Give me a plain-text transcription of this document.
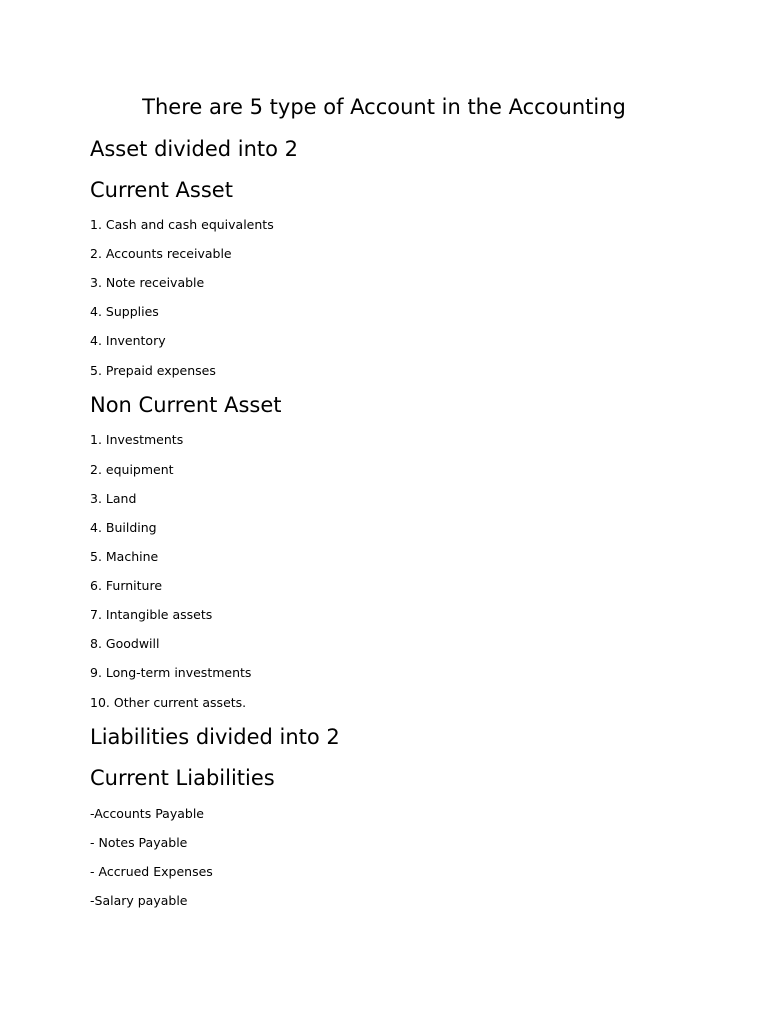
There are 5 type of Account in the Accounting
Asset divided into 2
Current Asset

1. Cash and cash equivalents

2. Accounts receivable

3. Note receivable

4. Supplies

4. Inventory

5. Prepaid expenses

Non Current Asset

1. Investments

2. equipment

3. Land

4. Building

5. Machine

6. Furniture

7. Intangible assets

8. Goodwill

9. Long-term investments

10. Other current assets.

Liabilities divided into 2
Current Liabilities

-Accounts Payable

- Notes Payable

- Accrued Expenses

-Salary payable
